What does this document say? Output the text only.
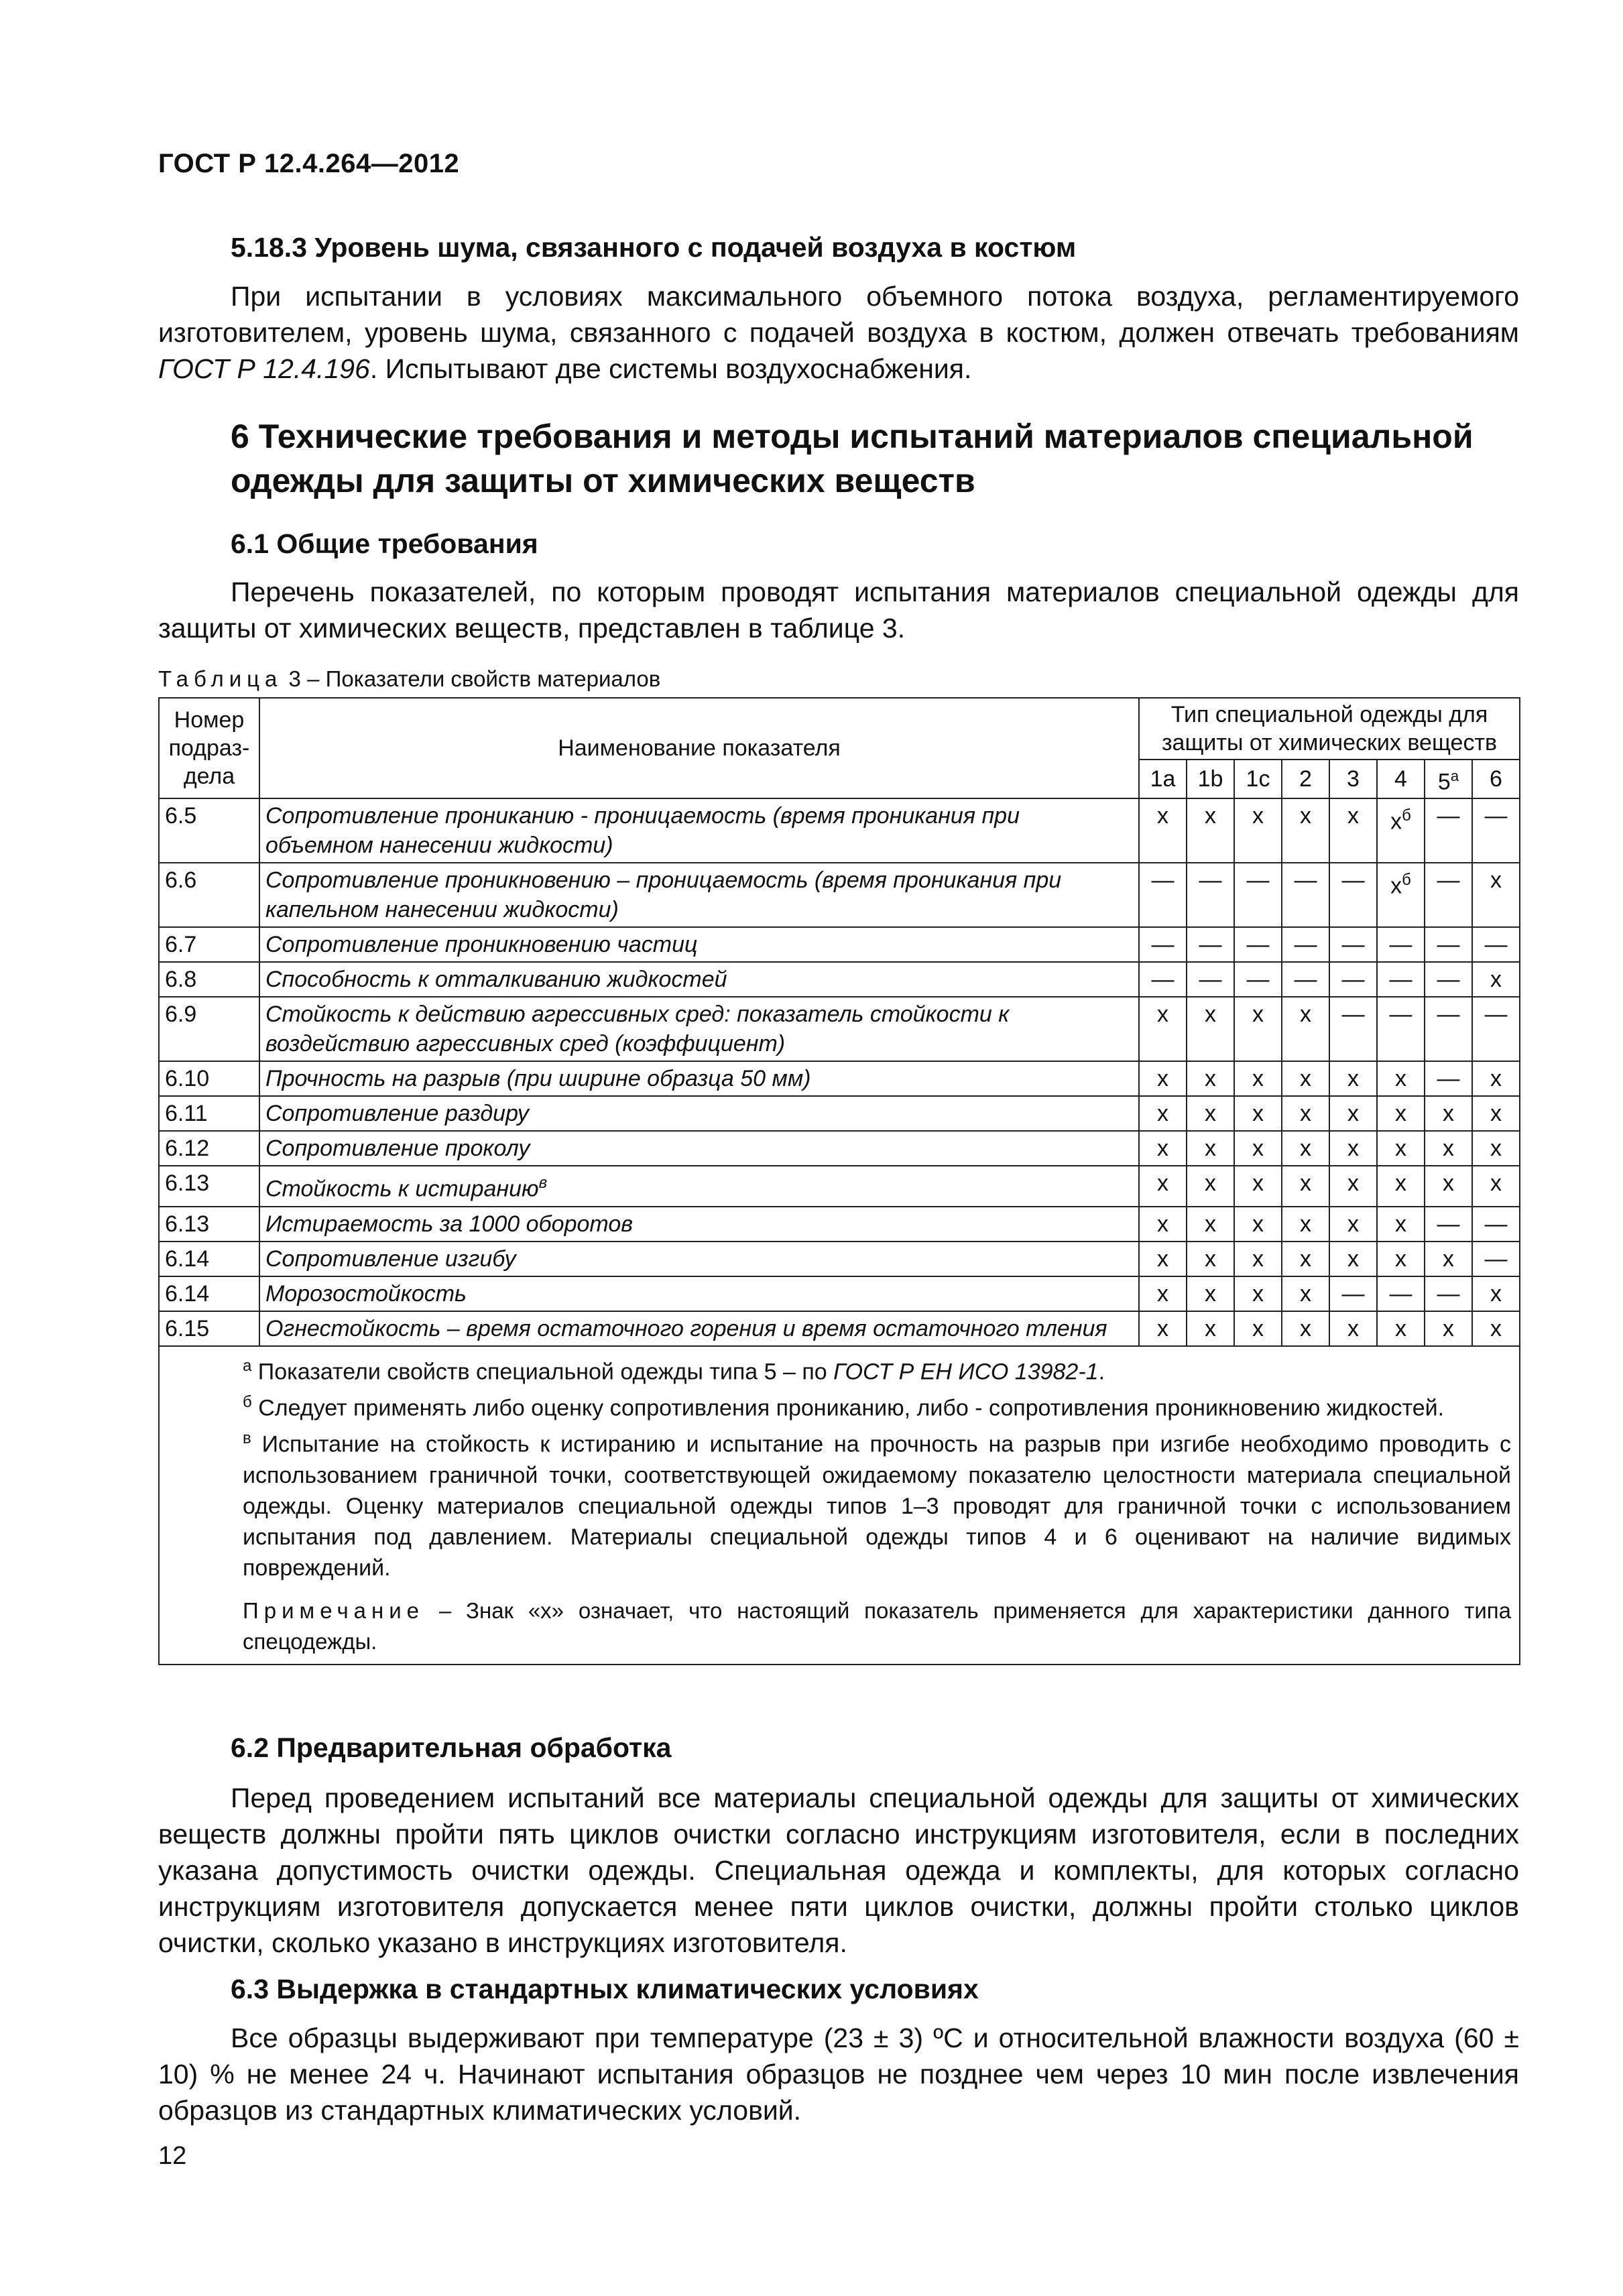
ГОСТ Р 12.4.264—2012
5.18.3 Уровень шума, связанного с подачей воздуха в костюм
При испытании в условиях максимального объемного потока воздуха, регламентируемого изготовителем, уровень шума, связанного с подачей воздуха в костюм, должен отвечать требованиям ГОСТ Р 12.4.196. Испытывают две системы воздухоснабжения.
6 Технические требования и методы испытаний материалов специальной одежды для защиты от химических веществ
6.1 Общие требования
Перечень показателей, по которым проводят испытания материалов специальной одежды для защиты от химических веществ, представлен в таблице 3.
Таблица 3 – Показатели свойств материалов
Номер подраз- дела	Наименование показателя	Тип специальной одежды для защиты от химических веществ							
		1a	1b	1c	2	3	4	$5^а$	6
6.5	Сопротивление прониканию - проницаемость (время проникания при объемном нанесении жидкости)	x	x	x	x	x	$x^б$	—	—
6.6	Сопротивление проникновению – проницаемость (время проникания при капельном нанесении жидкости)	—	—	—	—	—	$x^б$	—	x
6.7	Сопротивление проникновению частиц	—	—	—	—	—	—	—	—
6.8	Способность к отталкиванию жидкостей	—	—	—	—	—	—	—	x
6.9	Стойкость к действию агрессивных сред: показатель стойкости к воздействию агрессивных сред (коэффициент)	x	x	x	x	—	—	—	—
6.10	Прочность на разрыв (при ширине образца 50 мм)	x	x	x	x	x	x	—	x
6.11	Сопротивление раздиру	x	x	x	x	x	x	x	x
6.12	Сопротивление проколу	x	x	x	x	x	x	x	x
6.13	Стойкость к истиранию$^в$	x	x	x	x	x	x	x	x
6.13	Истираемость за 1000 оборотов	x	x	x	x	x	x	—	—
6.14	Сопротивление изгибу	x	x	x	x	x	x	x	—
6.14	Морозостойкость	x	x	x	x	—	—	—	x
6.15	Огнестойкость – время остаточного горения и время остаточного тления	x	x	x	x	x	x	x	x

$^а$ Показатели свойств специальной одежды типа 5 – по ГОСТ Р ЕН ИСО 13982-1.

$^б$ Следует применять либо оценку сопротивления проникaнию, либо - сопротивления проникновению жидкостей.

$^в$ Испытание на стойкость к истиранию и испытание на прочность на разрыв при изгибе необходимо проводить с использованием граничной точки, соответствующей ожидаемому показателю целостности материала специальной одежды. Оценку материалов специальной одежды типов 1–3 проводят для граничной точки с использованием испытания под давлением. Материалы специальной одежды типов 4 и 6 оценивают на наличие видимых повреждений.

Примечание – Знак «х» означает, что настоящий показатель применяется для характеристики данного типа спецодежды.									

6.2 Предварительная обработка
Перед проведением испытаний все материалы специальной одежды для защиты от химических веществ должны пройти пять циклов очистки согласно инструкциям изготовителя, если в последних указана допустимость очистки одежды. Специальная одежда и комплекты, для которых согласно инструкциям изготовителя допускается менее пяти циклов очистки, должны пройти столько циклов очистки, сколько указано в инструкциях изготовителя.
6.3 Выдержка в стандартных климатических условиях
Все образцы выдерживают при температуре (23 ± 3) ºС и относительной влажности воздуха (60 ± 10) % не менее 24 ч. Начинают испытания образцов не позднее чем через 10 мин после извлечения образцов из стандартных климатических условий.
12
